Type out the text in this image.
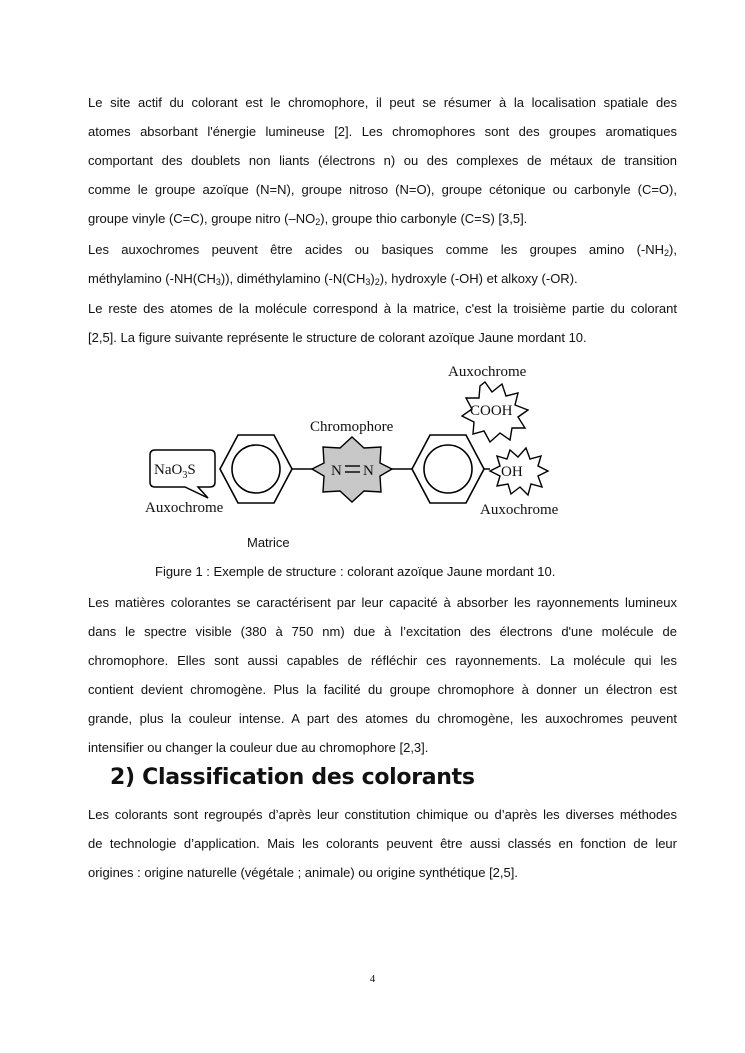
Le site actif du colorant est le chromophore, il peut se résumer à la localisation spatiale des
atomes absorbant l'énergie lumineuse [2]. Les chromophores sont des groupes aromatiques
comportant des doublets non liants (électrons n) ou des complexes de métaux de transition
comme le groupe azoïque (N=N), groupe nitroso (N=O), groupe cétonique ou carbonyle (C=O),
groupe vinyle (C=C), groupe nitro $(-NO_2)$, groupe thio carbonyle (C=S) [3,5].

Les auxochromes peuvent être acides ou basiques comme les groupes amino $(-NH_2)$,
méthylamino $(-NH(CH_3))$, diméthylamino $(-N(CH_3)_2)$, hydroxyle (-OH) et alkoxy (-OR).

Le reste des atomes de la molécule correspond à la matrice, c'est la troisième partie du colorant
[2,5]. La figure suivante représente le structure de colorant azoïque Jaune mordant 10.

N N
NaO$_3$S
COOH
OH
Auxochrome
Chromophore
Auxochrome	Auxochrome
Matrice
Figure 1 : Exemple de structure : colorant azoïque Jaune mordant 10.

Les matières colorantes se caractérisent par leur capacité à absorber les rayonnements lumineux
dans le spectre visible (380 à 750 nm) due à l’excitation des électrons d'une molécule de
chromophore. Elles sont aussi capables de réfléchir ces rayonnements. La molécule qui les
contient devient chromogène. Plus la facilité du groupe chromophore à donner un électron est
grande, plus la couleur intense. A part des atomes du chromogène, les auxochromes peuvent
intensifier ou changer la couleur due au chromophore [2,3].

2) Classification des colorants

Les colorants sont regroupés d’après leur constitution chimique ou d’après les diverses méthodes
de technologie d’application. Mais les colorants peuvent être aussi classés en fonction de leur
origines : origine naturelle (végétale ; animale) ou origine synthétique [2,5].

4
